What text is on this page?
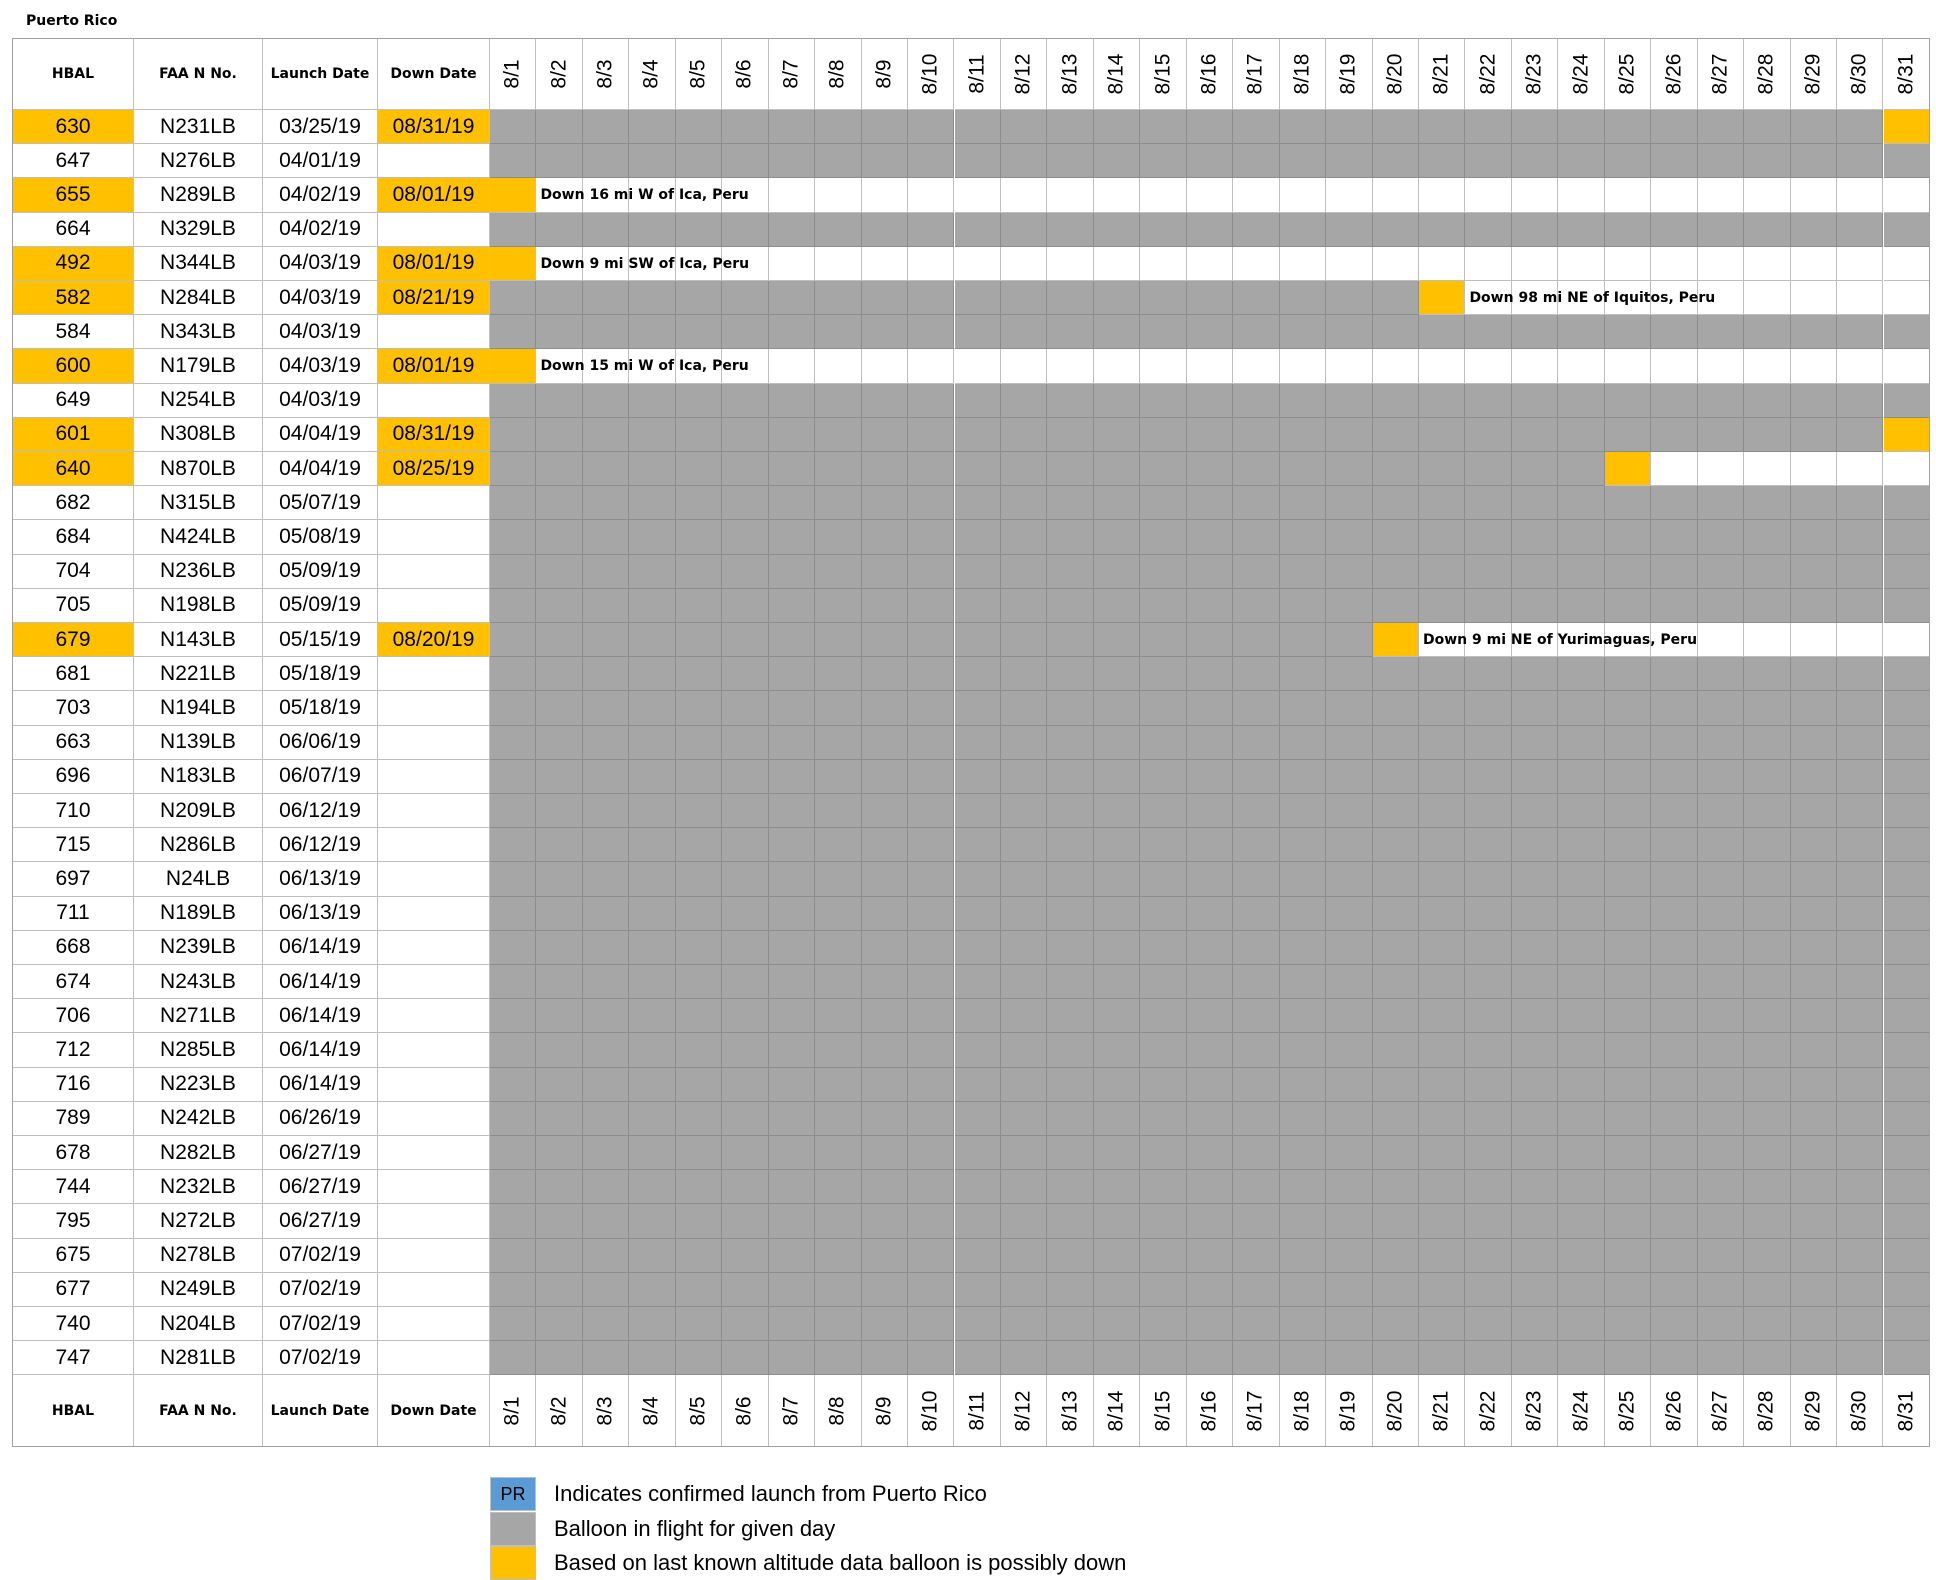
Puerto Rico
HBAL	FAA N No.	Launch Date	Down Date	8/1 8/2 8/3 8/4 8/5 8/6 8/7 8/8 8/9 8/10 8/11 8/12 8/13 8/14 8/15 8/16 8/17 8/18 8/19 8/20 8/21 8/22 8/23 8/24 8/25 8/26 8/27 8/28 8/29 8/30 8/31
630	N231LB	03/25/19	08/31/19
647	N276LB	04/01/19
655	N289LB	04/02/19	08/01/19	Down 16 mi W of Ica, Peru
664	N329LB	04/02/19
492	N344LB	04/03/19	08/01/19	Down 9 mi SW of Ica, Peru
582	N284LB	04/03/19	08/21/19	Down 98 mi NE of Iquitos, Peru
584	N343LB	04/03/19
600	N179LB	04/03/19	08/01/19	Down 15 mi W of Ica, Peru
649	N254LB	04/03/19
601	N308LB	04/04/19	08/31/19
640	N870LB	04/04/19	08/25/19
682	N315LB	05/07/19
684	N424LB	05/08/19
704	N236LB	05/09/19
705	N198LB	05/09/19
679	N143LB	05/15/19	08/20/19	Down 9 mi NE of Yurimaguas, Peru
681	N221LB	05/18/19
703	N194LB	05/18/19
663	N139LB	06/06/19
696	N183LB	06/07/19
710	N209LB	06/12/19
715	N286LB	06/12/19
697	N24LB	06/13/19
711	N189LB	06/13/19
668	N239LB	06/14/19
674	N243LB	06/14/19
706	N271LB	06/14/19
712	N285LB	06/14/19
716	N223LB	06/14/19
789	N242LB	06/26/19
678	N282LB	06/27/19
744	N232LB	06/27/19
795	N272LB	06/27/19
675	N278LB	07/02/19
677	N249LB	07/02/19
740	N204LB	07/02/19
747	N281LB	07/02/19
HBAL	FAA N No.	Launch Date	Down Date	8/1 8/2 8/3 8/4 8/5 8/6 8/7 8/8 8/9 8/10 8/11 8/12 8/13 8/14 8/15 8/16 8/17 8/18 8/19 8/20 8/21 8/22 8/23 8/24 8/25 8/26 8/27 8/28 8/29 8/30 8/31
PR	Indicates confirmed launch from Puerto Rico
Balloon in flight for given day
Based on last known altitude data balloon is possibly down
